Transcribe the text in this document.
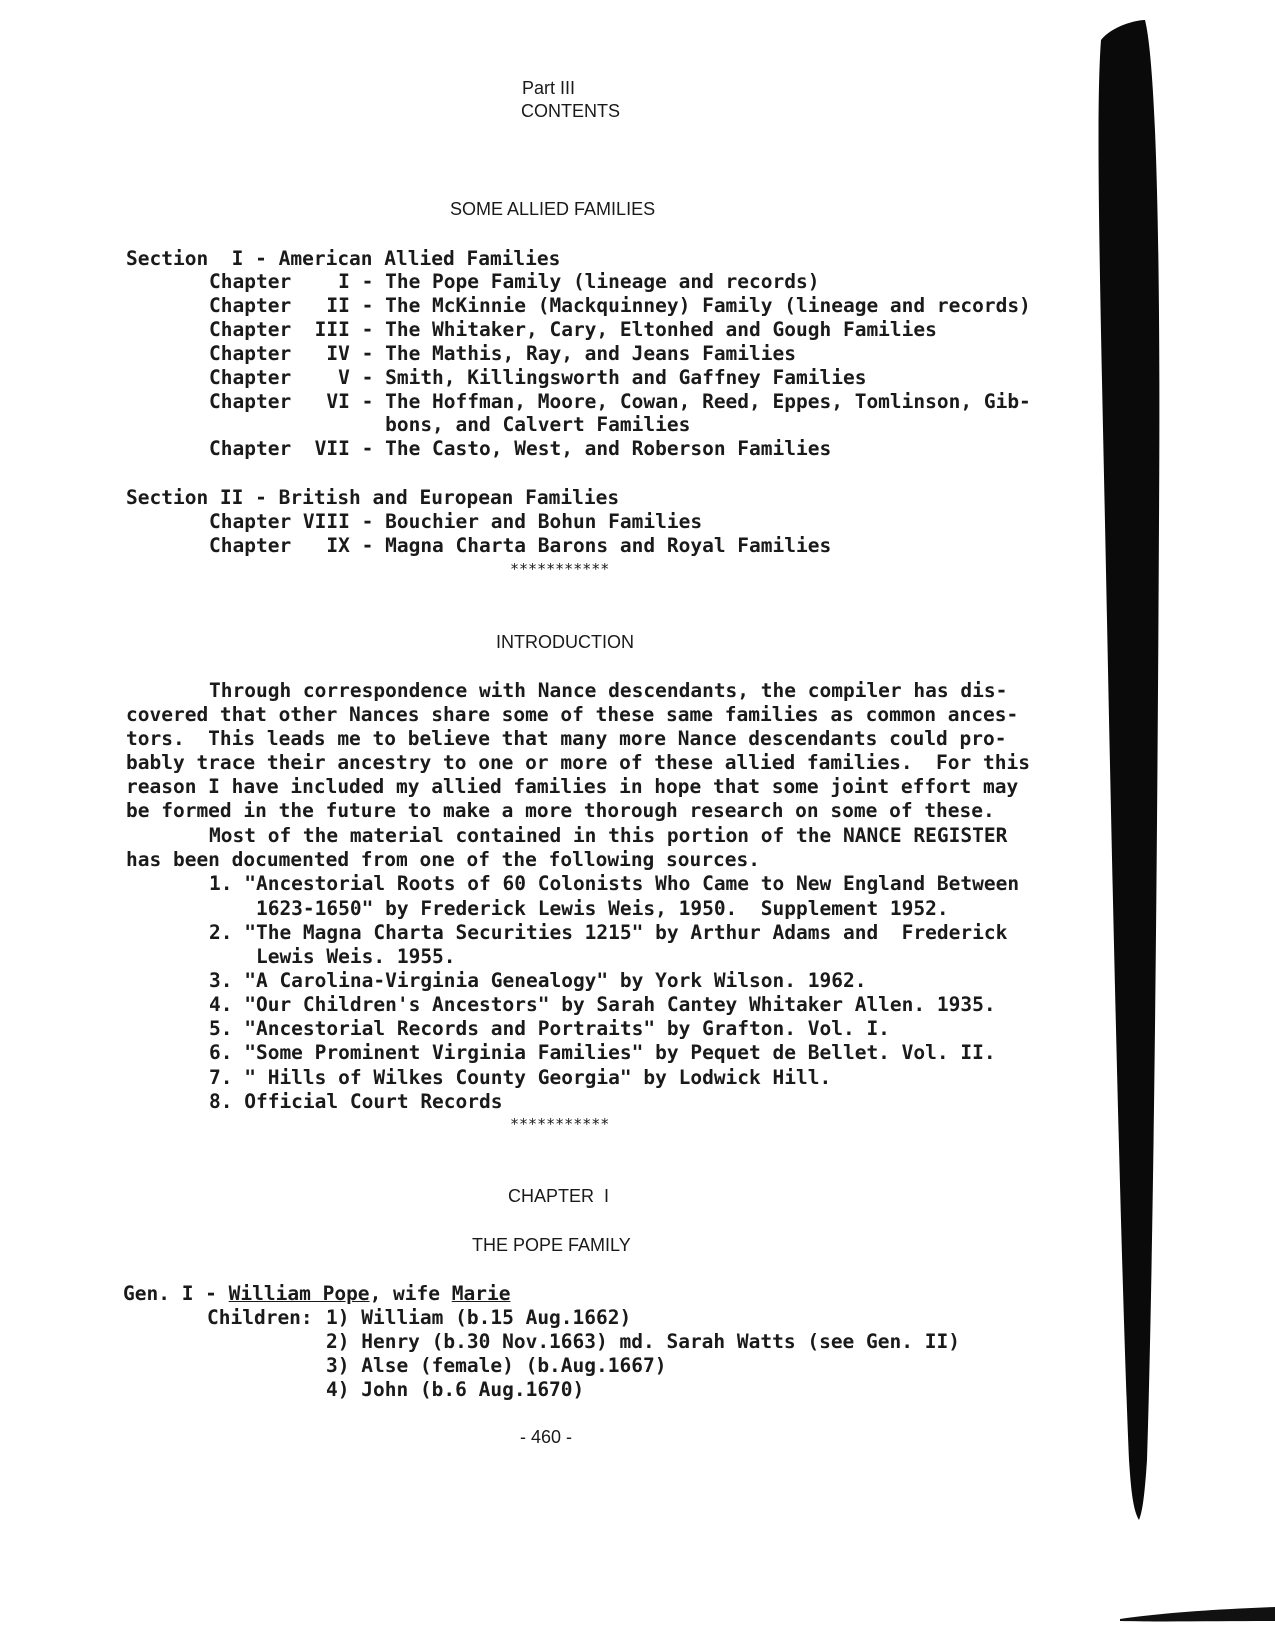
Part III
CONTENTS
SOME ALLIED FAMILIES
Section  I - American Allied Families
Chapter    I - The Pope Family (lineage and records)
Chapter   II - The McKinnie (Mackquinney) Family (lineage and records)
Chapter  III - The Whitaker, Cary, Eltonhed and Gough Families
Chapter   IV - The Mathis, Ray, and Jeans Families
Chapter    V - Smith, Killingsworth and Gaffney Families
Chapter   VI - The Hoffman, Moore, Cowan, Reed, Eppes, Tomlinson, Gib-
bons, and Calvert Families
Chapter  VII - The Casto, West, and Roberson Families
Section II - British and European Families
Chapter VIII - Bouchier and Bohun Families
Chapter   IX - Magna Charta Barons and Royal Families
***********
INTRODUCTION
Through correspondence with Nance descendants, the compiler has dis-
covered that other Nances share some of these same families as common ances-
tors.  This leads me to believe that many more Nance descendants could pro-
bably trace their ancestry to one or more of these allied families.  For this
reason I have included my allied families in hope that some joint effort may
be formed in the future to make a more thorough research on some of these.
Most of the material contained in this portion of the NANCE REGISTER
has been documented from one of the following sources.
1. "Ancestorial Roots of 60 Colonists Who Came to New England Between
1623-1650" by Frederick Lewis Weis, 1950.  Supplement 1952.
2. "The Magna Charta Securities 1215" by Arthur Adams and  Frederick
Lewis Weis. 1955.
3. "A Carolina-Virginia Genealogy" by York Wilson. 1962.
4. "Our Children's Ancestors" by Sarah Cantey Whitaker Allen. 1935.
5. "Ancestorial Records and Portraits" by Grafton. Vol. I.
6. "Some Prominent Virginia Families" by Pequet de Bellet. Vol. II.
7. " Hills of Wilkes County Georgia" by Lodwick Hill.
8. Official Court Records
***********
CHAPTER  I
THE POPE FAMILY
Gen. I - William Pope, wife Marie
Children: 1) William (b.15 Aug.1662)
2) Henry (b.30 Nov.1663) md. Sarah Watts (see Gen. II)
3) Alse (female) (b.Aug.1667)
4) John (b.6 Aug.1670)
- 460 -
